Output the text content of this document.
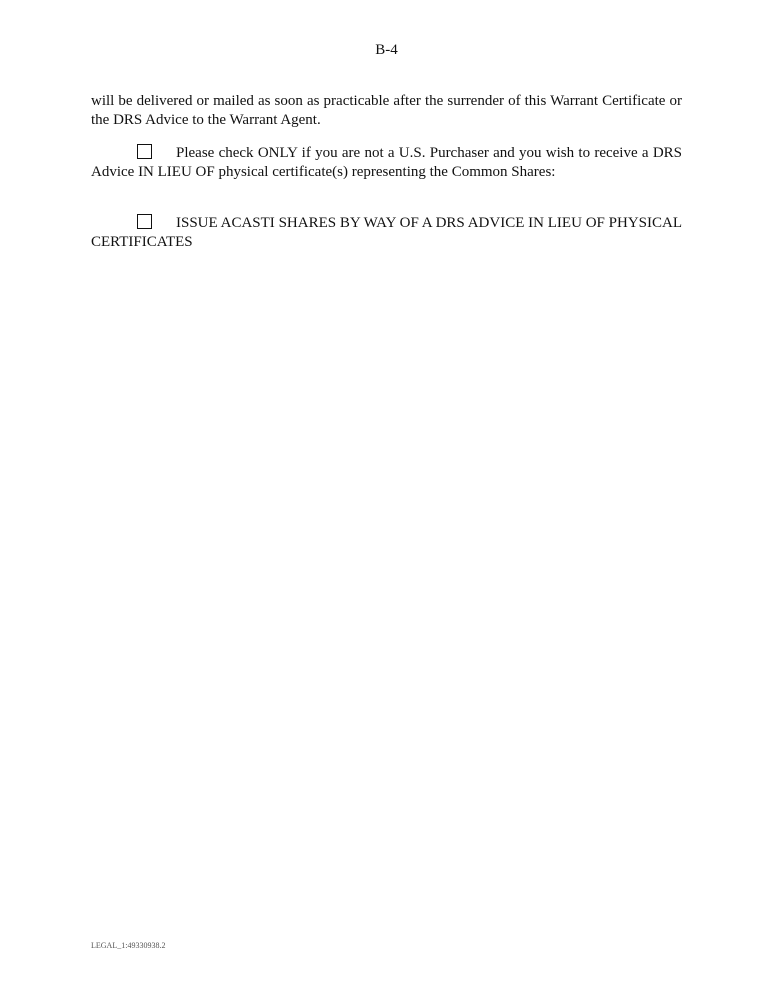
B-4
will be delivered or mailed as soon as practicable after the surrender of this Warrant Certificate or the DRS Advice to the Warrant Agent.
Please check ONLY if you are not a U.S. Purchaser and you wish to receive a DRS Advice IN LIEU OF physical certificate(s) representing the Common Shares:
ISSUE ACASTI SHARES BY WAY OF A DRS ADVICE IN LIEU OF PHYSICAL CERTIFICATES
LEGAL_1:49330938.2
